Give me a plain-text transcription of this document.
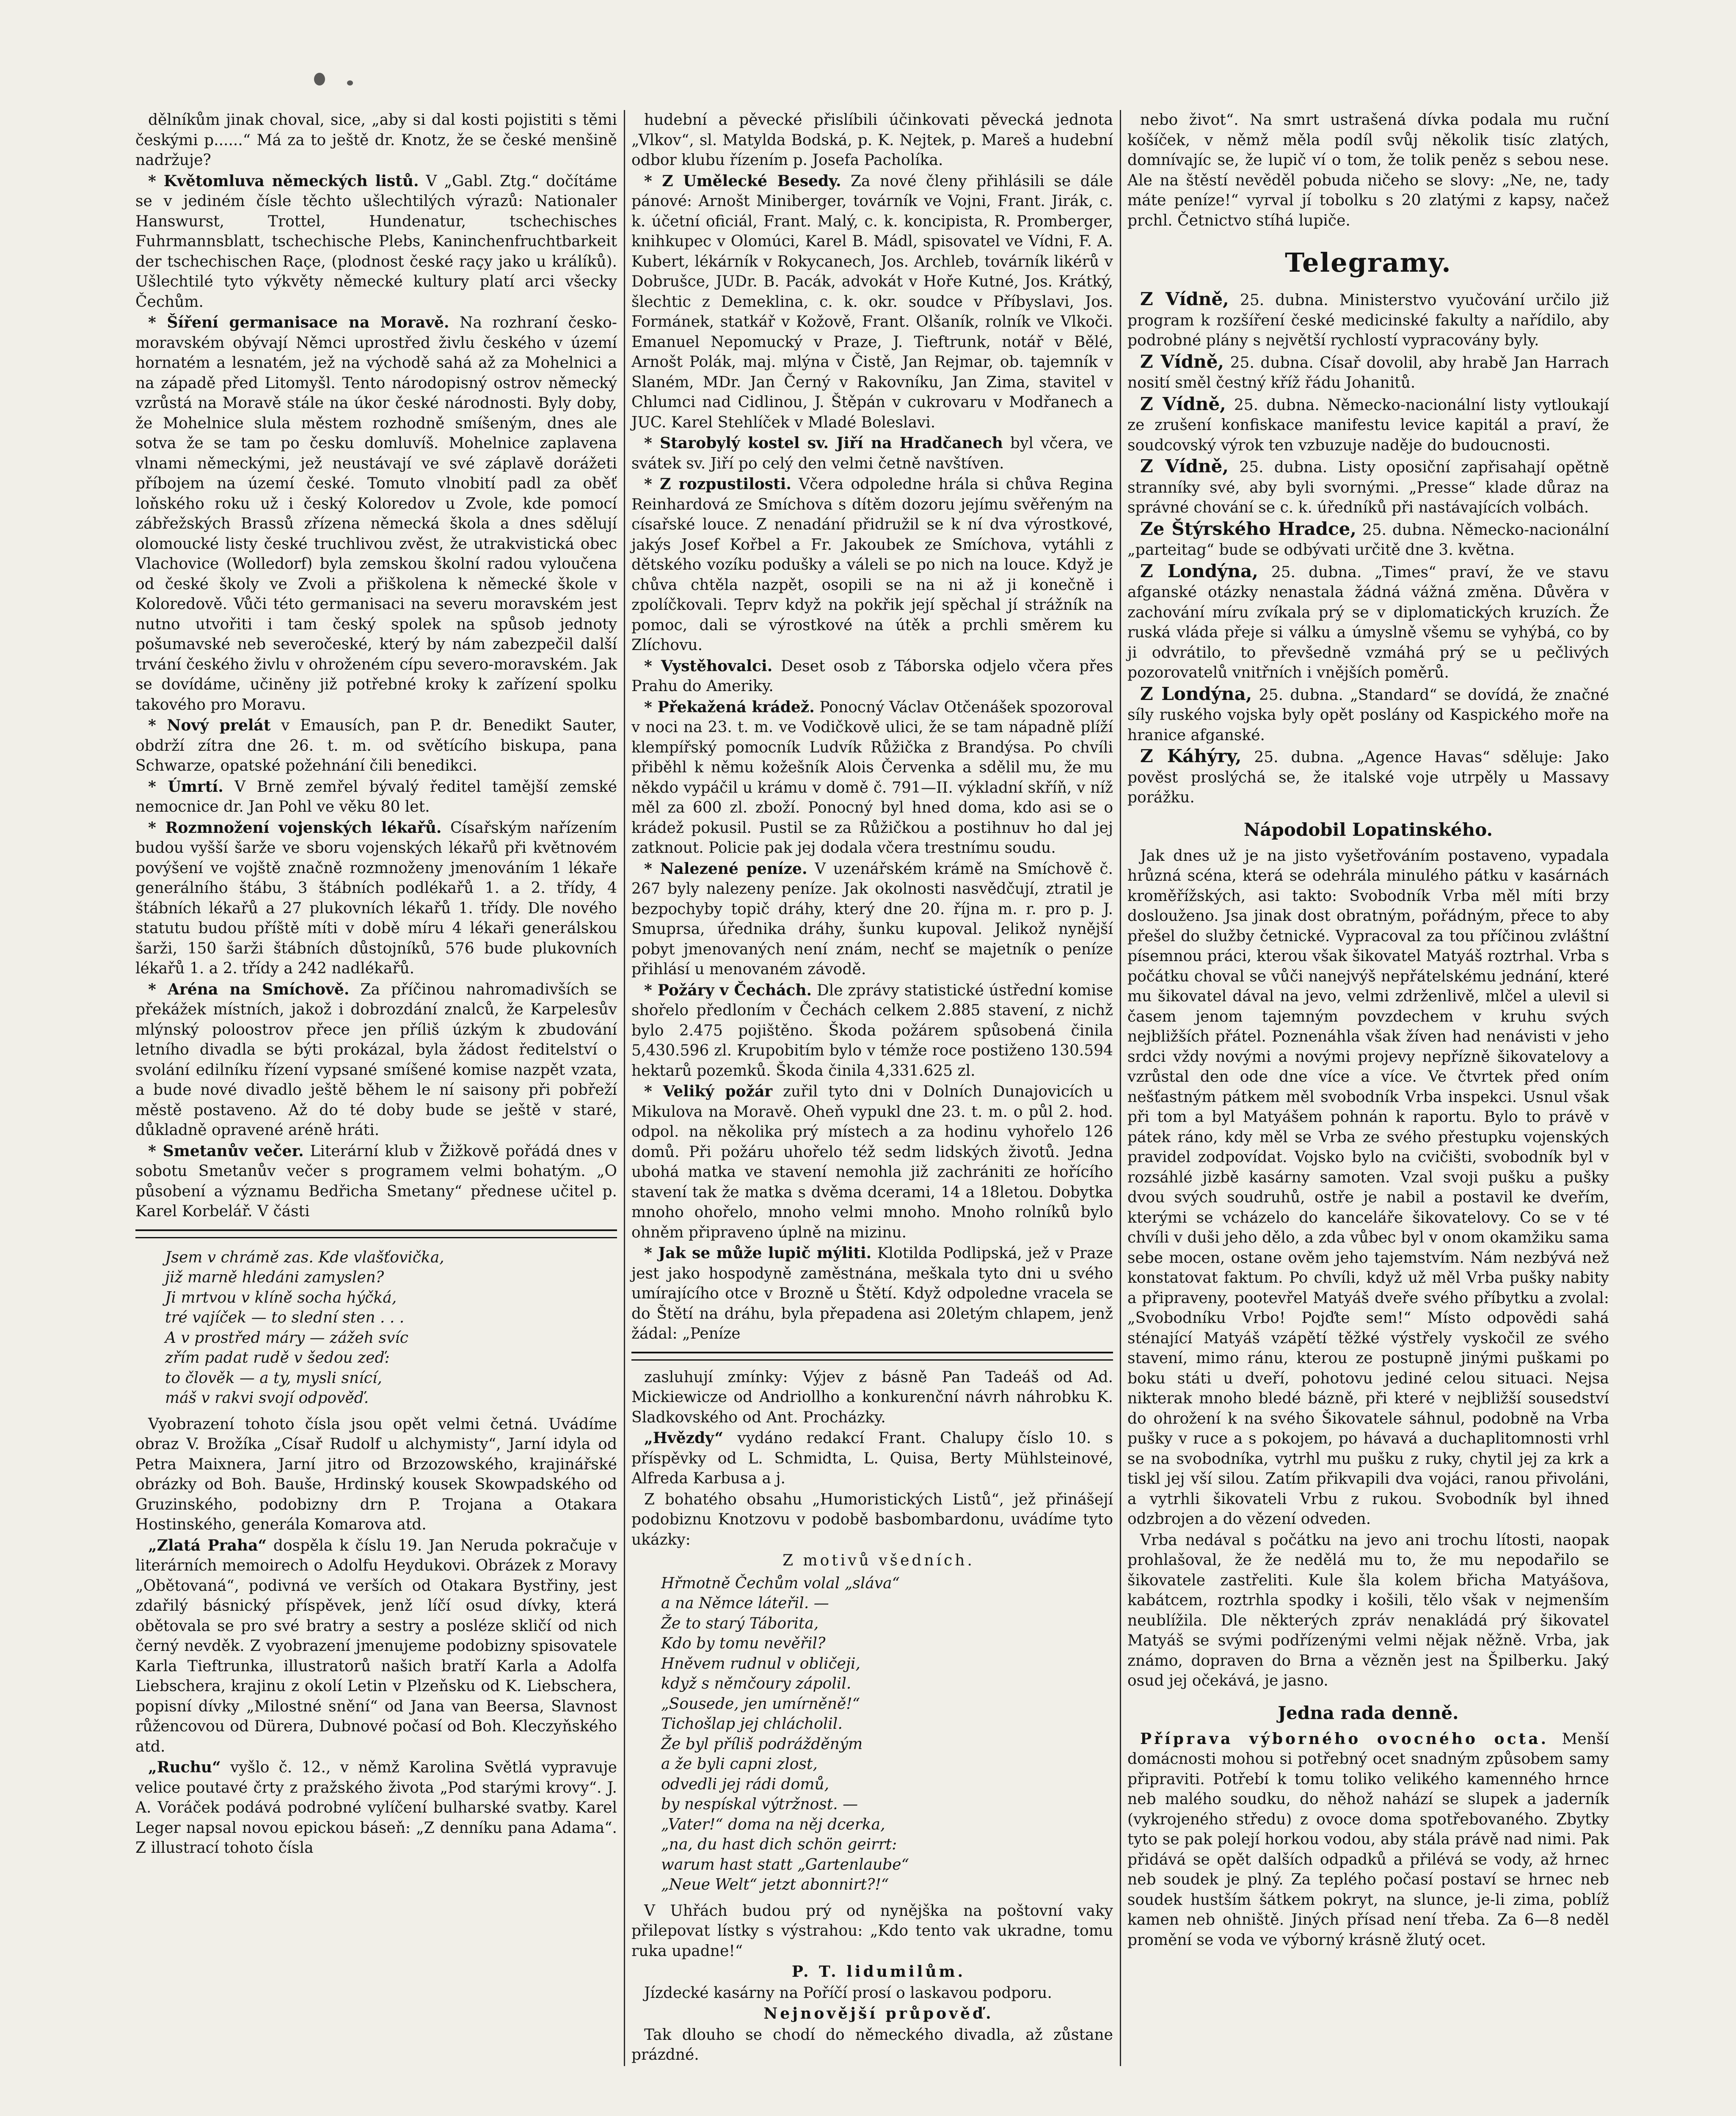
dělníkům jinak choval, sice, „aby si dal kosti pojistiti s těmi českými p......“ Má za to ještě dr. Knotz, že se české menšině nadržuje?

* Květomluva německých listů. V „Gabl. Ztg.“ dočítáme se v jediném čísle těchto ušlechtilých výrazů: Nationaler Hanswurst, Trottel, Hundenatur, tschechisches Fuhrmannsblatt, tschechische Plebs, Kaninchenfruchtbarkeit der tschechischen Raçe, (plodnost české raçy jako u králíků). Ušlechtilé tyto výkvěty německé kultury platí arci všecky Čechům.

* Šíření germanisace na Moravě. Na rozhraní česko-moravském obývají Němci uprostřed živlu českého v území hornatém a lesnatém, jež na východě sahá až za Mohelnici a na západě před Litomyšl. Tento národopisný ostrov německý vzrůstá na Moravě stále na úkor české národnosti. Byly doby, že Mohelnice slula městem rozhodně smíšeným, dnes ale sotva že se tam po česku domluvíš. Mohelnice zaplavena vlnami německými, jež neustávají ve své záplavě dorážeti příbojem na území české. Tomuto vlnobití padl za oběť loňského roku už i český Koloredov u Zvole, kde pomocí zábřežských Brassů zřízena německá škola a dnes sdělují olomoucké listy české truchlivou zvěst, že utrakvistická obec Vlachovice (Wolledorf) byla zemskou školní radou vyloučena od české školy ve Zvoli a přiškolena k německé škole v Koloredově. Vůči této germanisaci na severu moravském jest nutno utvořiti i tam český spolek na spůsob jednoty pošumavské neb severočeské, který by nám zabezpečil další trvání českého živlu v ohroženém cípu severo-moravském. Jak se dovídáme, učiněny již potřebné kroky k zařízení spolku takového pro Moravu.

* Nový prelát v Emausích, pan P. dr. Benedikt Sauter, obdrží zítra dne 26. t. m. od světícího biskupa, pana Schwarze, opatské požehnání čili benedikci.

* Úmrtí. V Brně zemřel bývalý ředitel tamější zemské nemocnice dr. Jan Pohl ve věku 80 let.

* Rozmnožení vojenských lékařů. Císařským nařízením budou vyšší šarže ve sboru vojenských lékařů při květnovém povýšení ve vojště značně rozmnoženy jmenováním 1 lékaře generálního štábu, 3 štábních podlékařů 1. a 2. třídy, 4 štábních lékařů a 27 plukovních lékařů 1. třídy. Dle nového statutu budou příště míti v době míru 4 lékaři generálskou šarži, 150 šarži štábních důstojníků, 576 bude plukovních lékařů 1. a 2. třídy a 242 nadlékařů.

* Aréna na Smíchově. Za příčinou nahromadivších se překážek místních, jakož i dobrozdání znalců, že Karpelesův mlýnský poloostrov přece jen příliš úzkým k zbudování letního divadla se býti prokázal, byla žádost ředitelství o svolání edilníku řízení vypsané smíšené komise nazpět vzata, a bude nové divadlo ještě během le ní saisony při pobřeží městě postaveno. Až do té doby bude se ještě v staré, důkladně opravené aréně hráti.

* Smetanův večer. Literární klub v Žižkově pořádá dnes v sobotu Smetanův večer s programem velmi bohatým. „O působení a významu Bedřicha Smetany“ přednese učitel p. Karel Korbelář. V části

Jsem v chrámě zas. Kde vlašťovička,
již marně hledáni zamyslen?
Ji mrtvou v klíně socha hýčká,
tré vajíček — to slední sten . . .
A v prostřed máry — zážeh svíc
zřím padat rudě v šedou zeď:
to člověk — a ty, mysli snící,
máš v rakvi svojí odpověď.

Vyobrazení tohoto čísla jsou opět velmi četná. Uvádíme obraz V. Brožíka „Císař Rudolf u alchymisty“, Jarní idyla od Petra Maixnera, Jarní jitro od Brzozowského, krajinářské obrázky od Boh. Bauše, Hrdinský kousek Skowpadského od Gruzinského, podobizny drn P. Trojana a Otakara Hostinského, generála Komarova atd.

„Zlatá Praha“ dospěla k číslu 19. Jan Neruda pokračuje v literárních memoirech o Adolfu Heydukovi. Obrázek z Moravy „Obětovaná“, podivná ve verších od Otakara Bystřiny, jest zdařilý básnický příspěvek, jenž líčí osud dívky, která obětovala se pro své bratry a sestry a posléze skličí od nich černý nevděk. Z vyobrazení jmenujeme podobizny spisovatele Karla Tieftrunka, illustratorů našich bratří Karla a Adolfa Liebschera, krajinu z okolí Letin v Plzeňsku od K. Liebschera, popisní dívky „Milostné snění“ od Jana van Beersa, Slavnost růžencovou od Dürera, Dubnové počasí od Boh. Kleczyňského atd.

„Ruchu“ vyšlo č. 12., v němž Karolina Světlá vypravuje velice poutavé črty z pražského života „Pod starými krovy“. J. A. Voráček podává podrobné vylíčení bulharské svatby. Karel Leger napsal novou epickou báseň: „Z denníku pana Adama“. Z illustrací tohoto čísla

hudební a pěvecké přislíbili účinkovati pěvecká jednota „Vlkov“, sl. Matylda Bodská, p. K. Nejtek, p. Mareš a hudební odbor klubu řízením p. Josefa Pacholíka.

* Z Umělecké Besedy. Za nové členy přihlásili se dále pánové: Arnošt Miniberger, továrník ve Vojni, Frant. Jirák, c. k. účetní oficiál, Frant. Malý, c. k. koncipista, R. Promberger, knihkupec v Olomúci, Karel B. Mádl, spisovatel ve Vídni, F. A. Kubert, lékárník v Rokycanech, Jos. Archleb, továrník likérů v Dobrušce, JUDr. B. Pacák, advokát v Hoře Kutné, Jos. Krátký, šlechtic z Demeklina, c. k. okr. soudce v Příbyslavi, Jos. Formánek, statkář v Kožově, Frant. Olšaník, rolník ve Vlkoči. Emanuel Nepomucký v Praze, J. Tieftrunk, notář v Bělé, Arnošt Polák, maj. mlýna v Čistě, Jan Rejmar, ob. tajemník v Slaném, MDr. Jan Černý v Rakovníku, Jan Zima, stavitel v Chlumci nad Cidlinou, J. Štěpán v cukrovaru v Modřanech a JUC. Karel Stehlíček v Mladé Boleslavi.

* Starobylý kostel sv. Jiří na Hradčanech byl včera, ve svátek sv. Jiří po celý den velmi četně navštíven.

* Z rozpustilosti. Včera odpoledne hrála si chůva Regina Reinhardová ze Smíchova s dítěm dozoru jejímu svěřeným na císařské louce. Z nenadání přidružil se k ní dva výrostkové, jakýs Josef Kořbel a Fr. Jakoubek ze Smíchova, vytáhli z dětského vozíku podušky a váleli se po nich na louce. Když je chůva chtěla nazpět, osopili se na ni až ji konečně i zpolíčkovali. Teprv když na pokřik její spěchal jí strážník na pomoc, dali se výrostkové na útěk a prchli směrem ku Zlíchovu.

* Vystěhovalci. Deset osob z Táborska odjelo včera přes Prahu do Ameriky.

* Překažená krádež. Ponocný Václav Otčenášek spozoroval v noci na 23. t. m. ve Vodičkově ulici, že se tam nápadně plíží klempířský pomocník Ludvík Růžička z Brandýsa. Po chvíli přiběhl k němu kožešník Alois Červenka a sdělil mu, že mu někdo vypáčil u krámu v domě č. 791—II. výkladní skříň, v níž měl za 600 zl. zboží. Ponocný byl hned doma, kdo asi se o krádež pokusil. Pustil se za Růžičkou a postihnuv ho dal jej zatknout. Policie pak jej dodala včera trestnímu soudu.

* Nalezené peníze. V uzenářském krámě na Smíchově č. 267 byly nalezeny peníze. Jak okolnosti nasvědčují, ztratil je bezpochyby topič dráhy, který dne 20. října m. r. pro p. J. Smuprsa, úřednika dráhy, šunku kupoval. Jelikož nynější pobyt jmenovaných není znám, nechť se majetník o peníze přihlásí u menovaném závodě.

* Požáry v Čechách. Dle zprávy statistické ústřední komise shořelo předloním v Čechách celkem 2.885 stavení, z nichž bylo 2.475 pojištěno. Škoda požárem spůsobená činila 5,430.596 zl. Krupobitím bylo v témže roce postiženo 130.594 hektarů pozemků. Škoda činila 4,331.625 zl.

* Veliký požár zuřil tyto dni v Dolních Dunajovicích u Mikulova na Moravě. Oheň vypukl dne 23. t. m. o půl 2. hod. odpol. na několika prý místech a za hodinu vyhořelo 126 domů. Při požáru uhořelo též sedm lidských životů. Jedna ubohá matka ve stavení nemohla již zachrániti ze hořícího stavení tak že matka s dvěma dcerami, 14 a 18letou. Dobytka mnoho ohořelo, mnoho velmi mnoho. Mnoho rolníků bylo ohněm připraveno úplně na mizinu.

* Jak se může lupič mýliti. Klotilda Podlipská, jež v Praze jest jako hospodyně zaměstnána, meškala tyto dni u svého umírajícího otce v Brozně u Štětí. Když odpoledne vracela se do Štětí na dráhu, byla přepadena asi 20letým chlapem, jenž žádal: „Peníze

zasluhují zmínky: Výjev z básně Pan Tadeáš od Ad. Mickiewicze od Andriollho a konkurenční návrh náhrobku K. Sladkovského od Ant. Procházky.

„Hvězdy“ vydáno redakcí Frant. Chalupy číslo 10. s příspěvky od L. Schmidta, L. Quisa, Berty Mühlsteinové, Alfreda Karbusa a j.

Z bohatého obsahu „Humoristických Listů“, jež přinášejí podobiznu Knotzovu v podobě basbombardonu, uvádíme tyto ukázky:

Z motivů všedních.

Hřmotně Čechům volal „sláva“
a na Němce láteřil. —
Že to starý Táborita,
Kdo by tomu nevěřil?
Hněvem rudnul v obličeji,
když s němčoury zápolil.
„Sousede, jen umírněně!“
Tichošlap jej chlácholil.
Že byl příliš podrážděným
a že byli capni zlost,
odvedli jej rádi domů,
by nespískal výtržnost. —
„Vater!“ doma na něj dcerka,
„na, du hast dich schön geirrt:
warum hast statt „Gartenlaube“
„Neue Welt“ jetzt abonnirt?!“

V Uhřách budou prý od nynějška na poštovní vaky přilepovat lístky s výstrahou: „Kdo tento vak ukradne, tomu ruka upadne!“

P. T. lidumilům.

Jízdecké kasárny na Poříčí prosí o laskavou podporu.

Nejnovější průpověď.

Tak dlouho se chodí do německého divadla, až zůstane prázdné.

nebo život“. Na smrt ustrašená dívka podala mu ruční košíček, v němž měla podíl svůj několik tisíc zlatých, domnívajíc se, že lupič ví o tom, že tolik peněz s sebou nese. Ale na štěstí nevěděl pobuda ničeho se slovy: „Ne, ne, tady máte peníze!“ vyrval jí tobolku s 20 zlatými z kapsy, načež prchl. Četnictvo stíhá lupiče.

Telegramy.

Z Vídně, 25. dubna. Ministerstvo vyučování určilo již program k rozšíření české medicinské fakulty a nařídilo, aby podrobné plány s největší rychlostí vypracovány byly.

Z Vídně, 25. dubna. Císař dovolil, aby hrabě Jan Harrach nosití směl čestný kříž řádu Johanitů.

Z Vídně, 25. dubna. Německo-nacionální listy vytloukají ze zrušení konfiskace manifestu levice kapitál a praví, že soudcovský výrok ten vzbuzuje naděje do budoucnosti.

Z Vídně, 25. dubna. Listy oposiční zapřisahají opětně stranníky své, aby byli svornými. „Presse“ klade důraz na správné chování se c. k. úředníků při nastávajících volbách.

Ze Štýrského Hradce, 25. dubna. Německo-nacionální „parteitag“ bude se odbývati určitě dne 3. května.

Z Londýna, 25. dubna. „Times“ praví, že ve stavu afganské otázky nenastala žádná vážná změna. Důvěra v zachování míru zvíkala prý se v diplomatických kruzích. Že ruská vláda přeje si válku a úmyslně všemu se vyhýbá, co by ji odvrátilo, to převšedně vzmáhá prý se u pečlivých pozorovatelů vnitřních i vnějších poměrů.

Z Londýna, 25. dubna. „Standard“ se dovídá, že značné síly ruského vojska byly opět poslány od Kaspického moře na hranice afganské.

Z Káhýry, 25. dubna. „Agence Havas“ sděluje: Jako pověst proslýchá se, že italské voje utrpěly u Massavy porážku.

Nápodobil Lopatinského.

Jak dnes už je na jisto vyšetřováním postaveno, vypadala hrůzná scéna, která se odehrála minulého pátku v kasárnách kroměřížských, asi takto: Svobodník Vrba měl míti brzy doslouženo. Jsa jinak dost obratným, pořádným, přece to aby přešel do služby četnické. Vypracoval za tou příčinou zvláštní písemnou práci, kterou však šikovatel Matyáš roztrhal. Vrba s počátku choval se vůči nanejvýš nepřátelskému jednání, které mu šikovatel dával na jevo, velmi zdrženlivě, mlčel a ulevil si časem jenom tajemným povzdechem v kruhu svých nejbližších přátel. Poznenáhla však žíven had nenávisti v jeho srdci vždy novými a novými projevy nepřízně šikovatelovy a vzrůstal den ode dne více a více. Ve čtvrtek před oním nešťastným pátkem měl svobodník Vrba inspekci. Usnul však při tom a byl Matyášem pohnán k raportu. Bylo to právě v pátek ráno, kdy měl se Vrba ze svého přestupku vojenských pravidel zodpovídat. Vojsko bylo na cvičišti, svobodník byl v rozsáhlé jizbě kasárny samoten. Vzal svoji pušku a pušky dvou svých soudruhů, ostře je nabil a postavil ke dveřím, kterými se vcházelo do kanceláře šikovatelovy. Co se v té chvíli v duši jeho dělo, a zda vůbec byl v onom okamžiku sama sebe mocen, ostane ověm jeho tajemstvím. Nám nezbývá než konstatovat faktum. Po chvíli, když už měl Vrba pušky nabity a připraveny, pootevřel Matyáš dveře svého příbytku a zvolal: „Svobodníku Vrbo! Pojďte sem!“ Místo odpovědi sahá sténající Matyáš vzápětí těžké výstřely vyskočil ze svého stavení, mimo ránu, kterou ze postupně jinými puškami po boku státi u dveří, pohotovu jediné celou situaci. Nejsa nikterak mnoho bledé bázně, při které v nejbližší sousedství do ohrožení k na svého Šikovatele sáhnul, podobně na Vrba pušky v ruce a s pokojem, po hávavá a duchaplitomnosti vrhl se na svobodníka, vytrhl mu pušku z ruky, chytil jej za krk a tiskl jej vší silou. Zatím přikvapili dva vojáci, ranou přivoláni, a vytrhli šikovateli Vrbu z rukou. Svobodník byl ihned odzbrojen a do vězení odveden.

Vrba nedával s počátku na jevo ani trochu lítosti, naopak prohlašoval, že že nedělá mu to, že mu nepodařilo se šikovatele zastřeliti. Kule šla kolem břicha Matyášova, kabátcem, roztrhla spodky i košili, tělo však v nejmenším neublížila. Dle některých zpráv nenakládá prý šikovatel Matyáš se svými podřízenými velmi nějak něžně. Vrba, jak známo, dopraven do Brna a vězněn jest na Špilberku. Jaký osud jej očekává, je jasno.

Jedna rada denně.

Příprava výborného ovocného octa. Menší domácnosti mohou si potřebný ocet snadným způsobem samy připraviti. Potřebí k tomu toliko velikého kamenného hrnce neb malého soudku, do něhož nahází se slupek a jaderník (vykrojeného středu) z ovoce doma spotřebovaného. Zbytky tyto se pak polejí horkou vodou, aby stála právě nad nimi. Pak přidává se opět dalších odpadků a přilévá se vody, až hrnec neb soudek je plný. Za teplého počasí postaví se hrnec neb soudek hustším šátkem pokryt, na slunce, je-li zima, poblíž kamen neb ohniště. Jiných přísad není třeba. Za 6—8 neděl promění se voda ve výborný krásně žlutý ocet.
